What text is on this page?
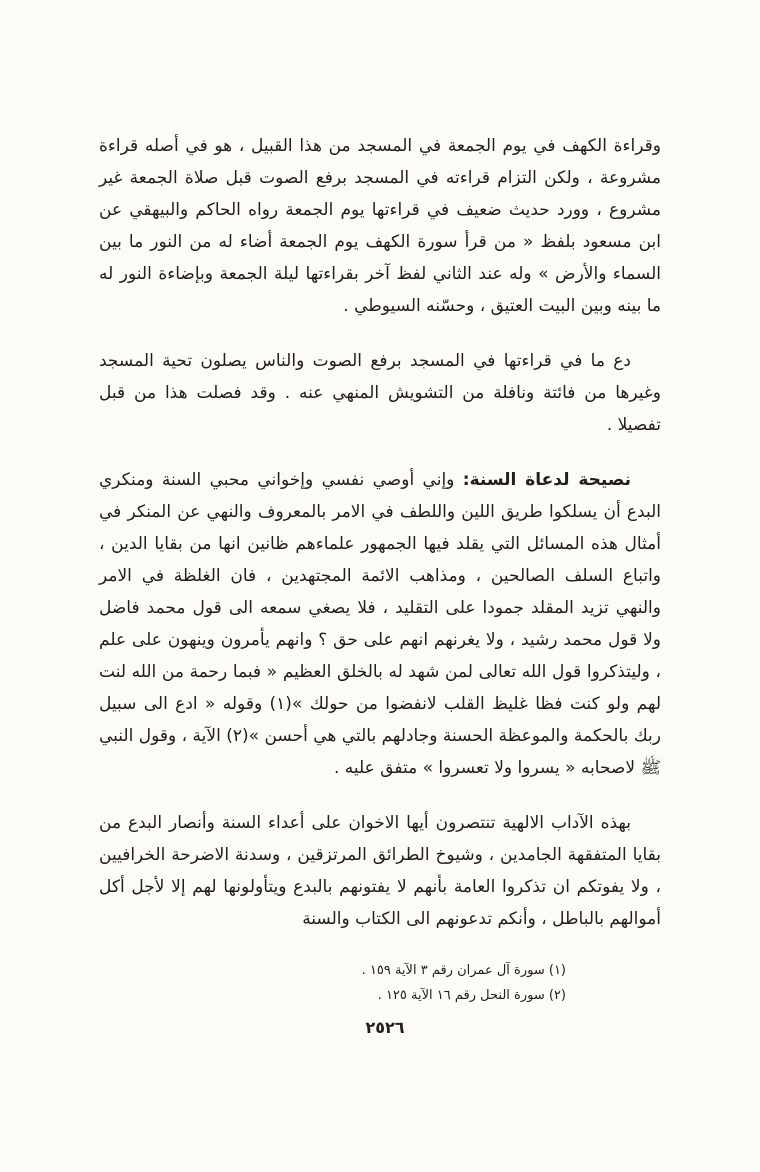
وقراءة الكهف في يوم الجمعة في المسجد من هذا القبيل ، هو في أصله قراءة مشروعة ، ولكن التزام قراءته في المسجد برفع الصوت قبل صلاة الجمعة غير مشروع ، وورد حديث ضعيف في قراءتها يوم الجمعة رواه الحاكم والبيهقي عن ابن مسعود بلفظ « من قرأ سورة الكهف يوم الجمعة أضاء له من النور ما بين السماء والأرض » وله عند الثاني لفظ آخر بقراءتها ليلة الجمعة وبإضاءة النور له ما بينه وبين البيت العتيق ، وحسّنه السيوطي .

دع ما في قراءتها في المسجد برفع الصوت والناس يصلون تحية المسجد وغيرها من فائتة ونافلة من التشويش المنهي عنه . وقد فصلت هذا من قبل تفصيلا .

نصيحة لدعاة السنة: وإني أوصي نفسي وإخواني محبي السنة ومنكري البدع أن يسلكوا طريق اللين واللطف في الامر بالمعروف والنهي عن المنكر في أمثال هذه المسائل التي يقلد فيها الجمهور علماءهم ظانين انها من بقايا الدين ، واتباع السلف الصالحين ، ومذاهب الائمة المجتهدين ، فان الغلظة في الامر والنهي تزيد المقلد جمودا على التقليد ، فلا يصغي سمعه الى قول محمد فاضل ولا قول محمد رشيد ، ولا يغرنهم انهم على حق ؟ وانهم يأمرون وينهون على علم ، وليتذكروا قول الله تعالى لمن شهد له بالخلق العظيم « فبما رحمة من الله لنت لهم ولو كنت فظا غليظ القلب لانفضوا من حولك »(١) وقوله « ادع الى سبيل ربك بالحكمة والموعظة الحسنة وجادلهم بالتي هي أحسن »(٢) الآية ، وقول النبي ﷺ لاصحابه « يسروا ولا تعسروا » متفق عليه .

بهذه الآداب الالهية تنتصرون أيها الاخوان على أعداء السنة وأنصار البدع من بقايا المتفقهة الجامدين ، وشيوخ الطرائق المرتزقين ، وسدنة الاضرحة الخرافيين ، ولا يفوتكم ان تذكروا العامة بأنهم لا يفتونهم بالبدع ويتأولونها لهم إلا لأجل أكل أموالهم بالباطل ، وأنكم تدعونهم الى الكتاب والسنة

(١) سورة آل عمران رقم ٣ الآية ١٥٩ .

(٢) سورة النحل رقم ١٦ الآية ١٢٥ .

٢٥٢٦
